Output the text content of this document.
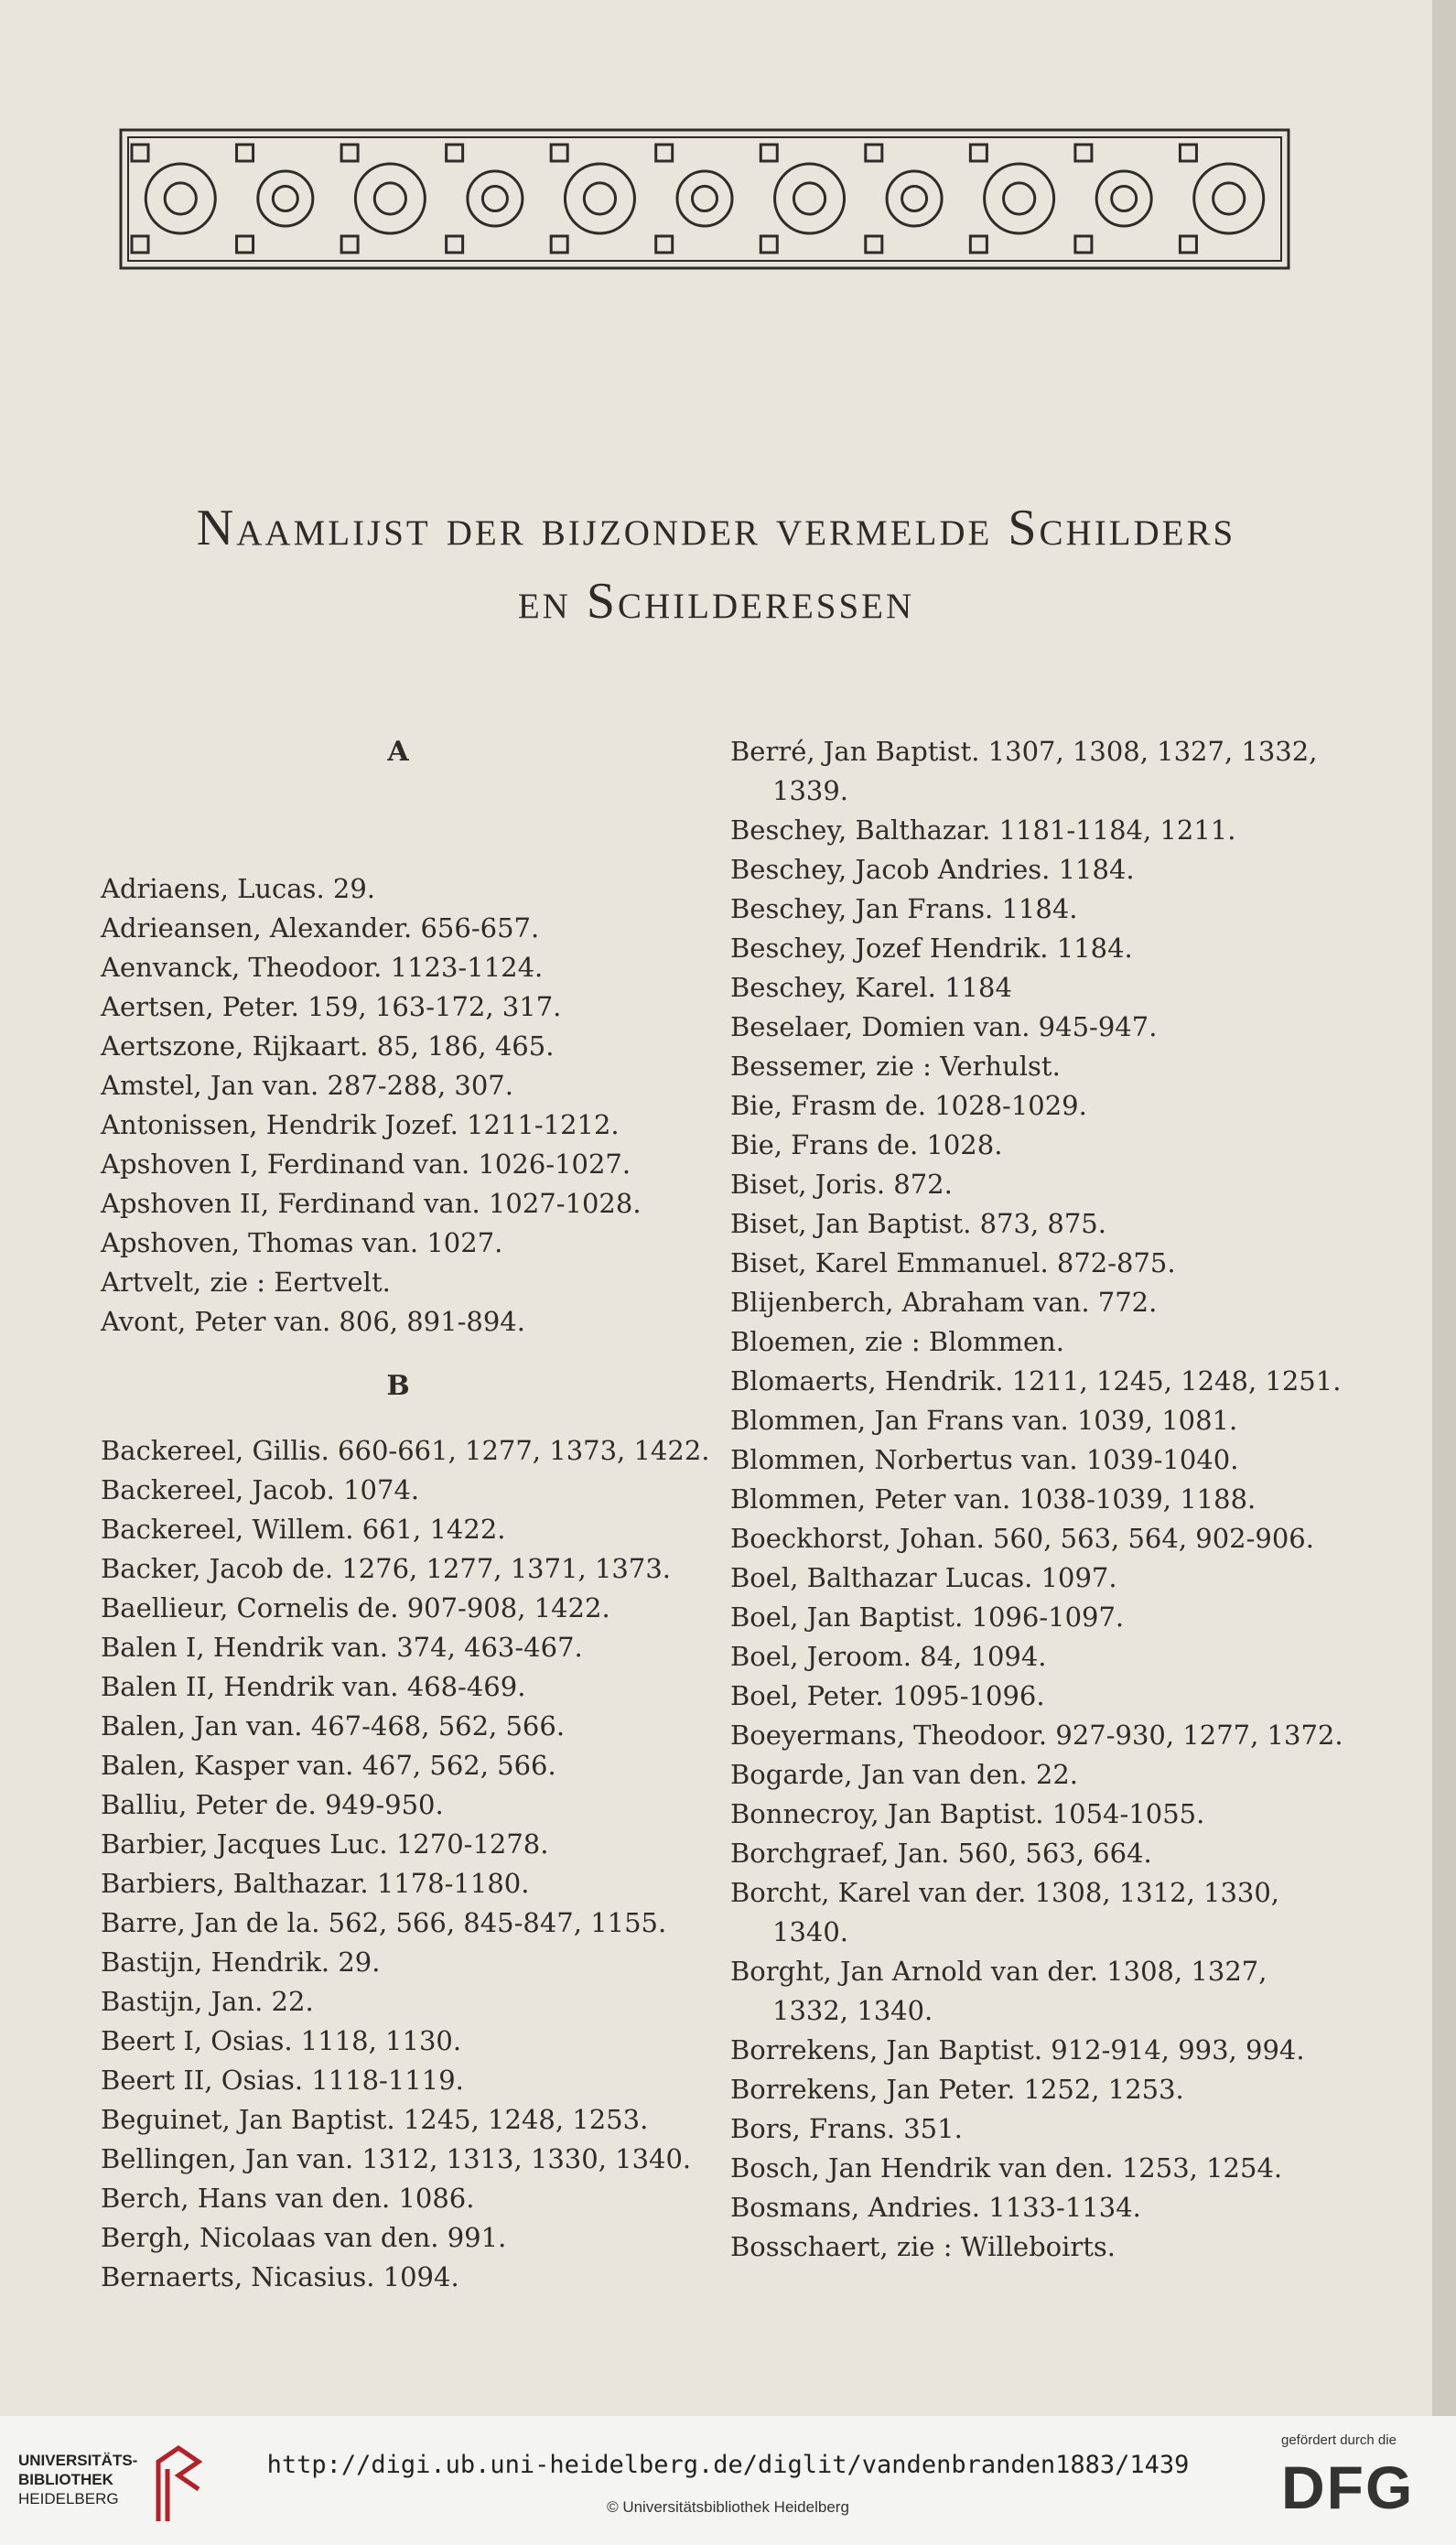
Naamlijst der bijzonder vermelde Schilders
en Schilderessen
A
Adriaens, Lucas. 29.
Adrieansen, Alexander. 656-657.
Aenvanck, Theodoor. 1123-1124.
Aertsen, Peter. 159, 163-172, 317.
Aertszone, Rijkaart. 85, 186, 465.
Amstel, Jan van. 287-288, 307.
Antonissen, Hendrik Jozef. 1211-1212.
Apshoven I, Ferdinand van. 1026-1027.
Apshoven II, Ferdinand van. 1027-1028.
Apshoven, Thomas van. 1027.
Artvelt, zie : Eertvelt.
Avont, Peter van. 806, 891-894.
B
Backereel, Gillis. 660-661, 1277, 1373, 1422.
Backereel, Jacob. 1074.
Backereel, Willem. 661, 1422.
Backer, Jacob de. 1276, 1277, 1371, 1373.
Baellieur, Cornelis de. 907-908, 1422.
Balen I, Hendrik van. 374, 463-467.
Balen II, Hendrik van. 468-469.
Balen, Jan van. 467-468, 562, 566.
Balen, Kasper van. 467, 562, 566.
Balliu, Peter de. 949-950.
Barbier, Jacques Luc. 1270-1278.
Barbiers, Balthazar. 1178-1180.
Barre, Jan de la. 562, 566, 845-847, 1155.
Bastijn, Hendrik. 29.
Bastijn, Jan. 22.
Beert I, Osias. 1118, 1130.
Beert II, Osias. 1118-1119.
Beguinet, Jan Baptist. 1245, 1248, 1253.
Bellingen, Jan van. 1312, 1313, 1330, 1340.
Berch, Hans van den. 1086.
Bergh, Nicolaas van den. 991.
Bernaerts, Nicasius. 1094.
Berré, Jan Baptist. 1307, 1308, 1327, 1332,
1339.
Beschey, Balthazar. 1181-1184, 1211.
Beschey, Jacob Andries. 1184.
Beschey, Jan Frans. 1184.
Beschey, Jozef Hendrik. 1184.
Beschey, Karel. 1184
Beselaer, Domien van. 945-947.
Bessemer, zie : Verhulst.
Bie, Frasm de. 1028-1029.
Bie, Frans de. 1028.
Biset, Joris. 872.
Biset, Jan Baptist. 873, 875.
Biset, Karel Emmanuel. 872-875.
Blijenberch, Abraham van. 772.
Bloemen, zie : Blommen.
Blomaerts, Hendrik. 1211, 1245, 1248, 1251.
Blommen, Jan Frans van. 1039, 1081.
Blommen, Norbertus van. 1039-1040.
Blommen, Peter van. 1038-1039, 1188.
Boeckhorst, Johan. 560, 563, 564, 902-906.
Boel, Balthazar Lucas. 1097.
Boel, Jan Baptist. 1096-1097.
Boel, Jeroom. 84, 1094.
Boel, Peter. 1095-1096.
Boeyermans, Theodoor. 927-930, 1277, 1372.
Bogarde, Jan van den. 22.
Bonnecroy, Jan Baptist. 1054-1055.
Borchgraef, Jan. 560, 563, 664.
Borcht, Karel van der. 1308, 1312, 1330,
1340.
Borght, Jan Arnold van der. 1308, 1327,
1332, 1340.
Borrekens, Jan Baptist. 912-914, 993, 994.
Borrekens, Jan Peter. 1252, 1253.
Bors, Frans. 351.
Bosch, Jan Hendrik van den. 1253, 1254.
Bosmans, Andries. 1133-1134.
Bosschaert, zie : Willeboirts.
UNIVERSITÄTS-
BIBLIOTHEK
HEIDELBERG
http://digi.ub.uni-heidelberg.de/diglit/vandenbranden1883/1439
© Universitätsbibliothek Heidelberg
gefördert durch die
DFG
